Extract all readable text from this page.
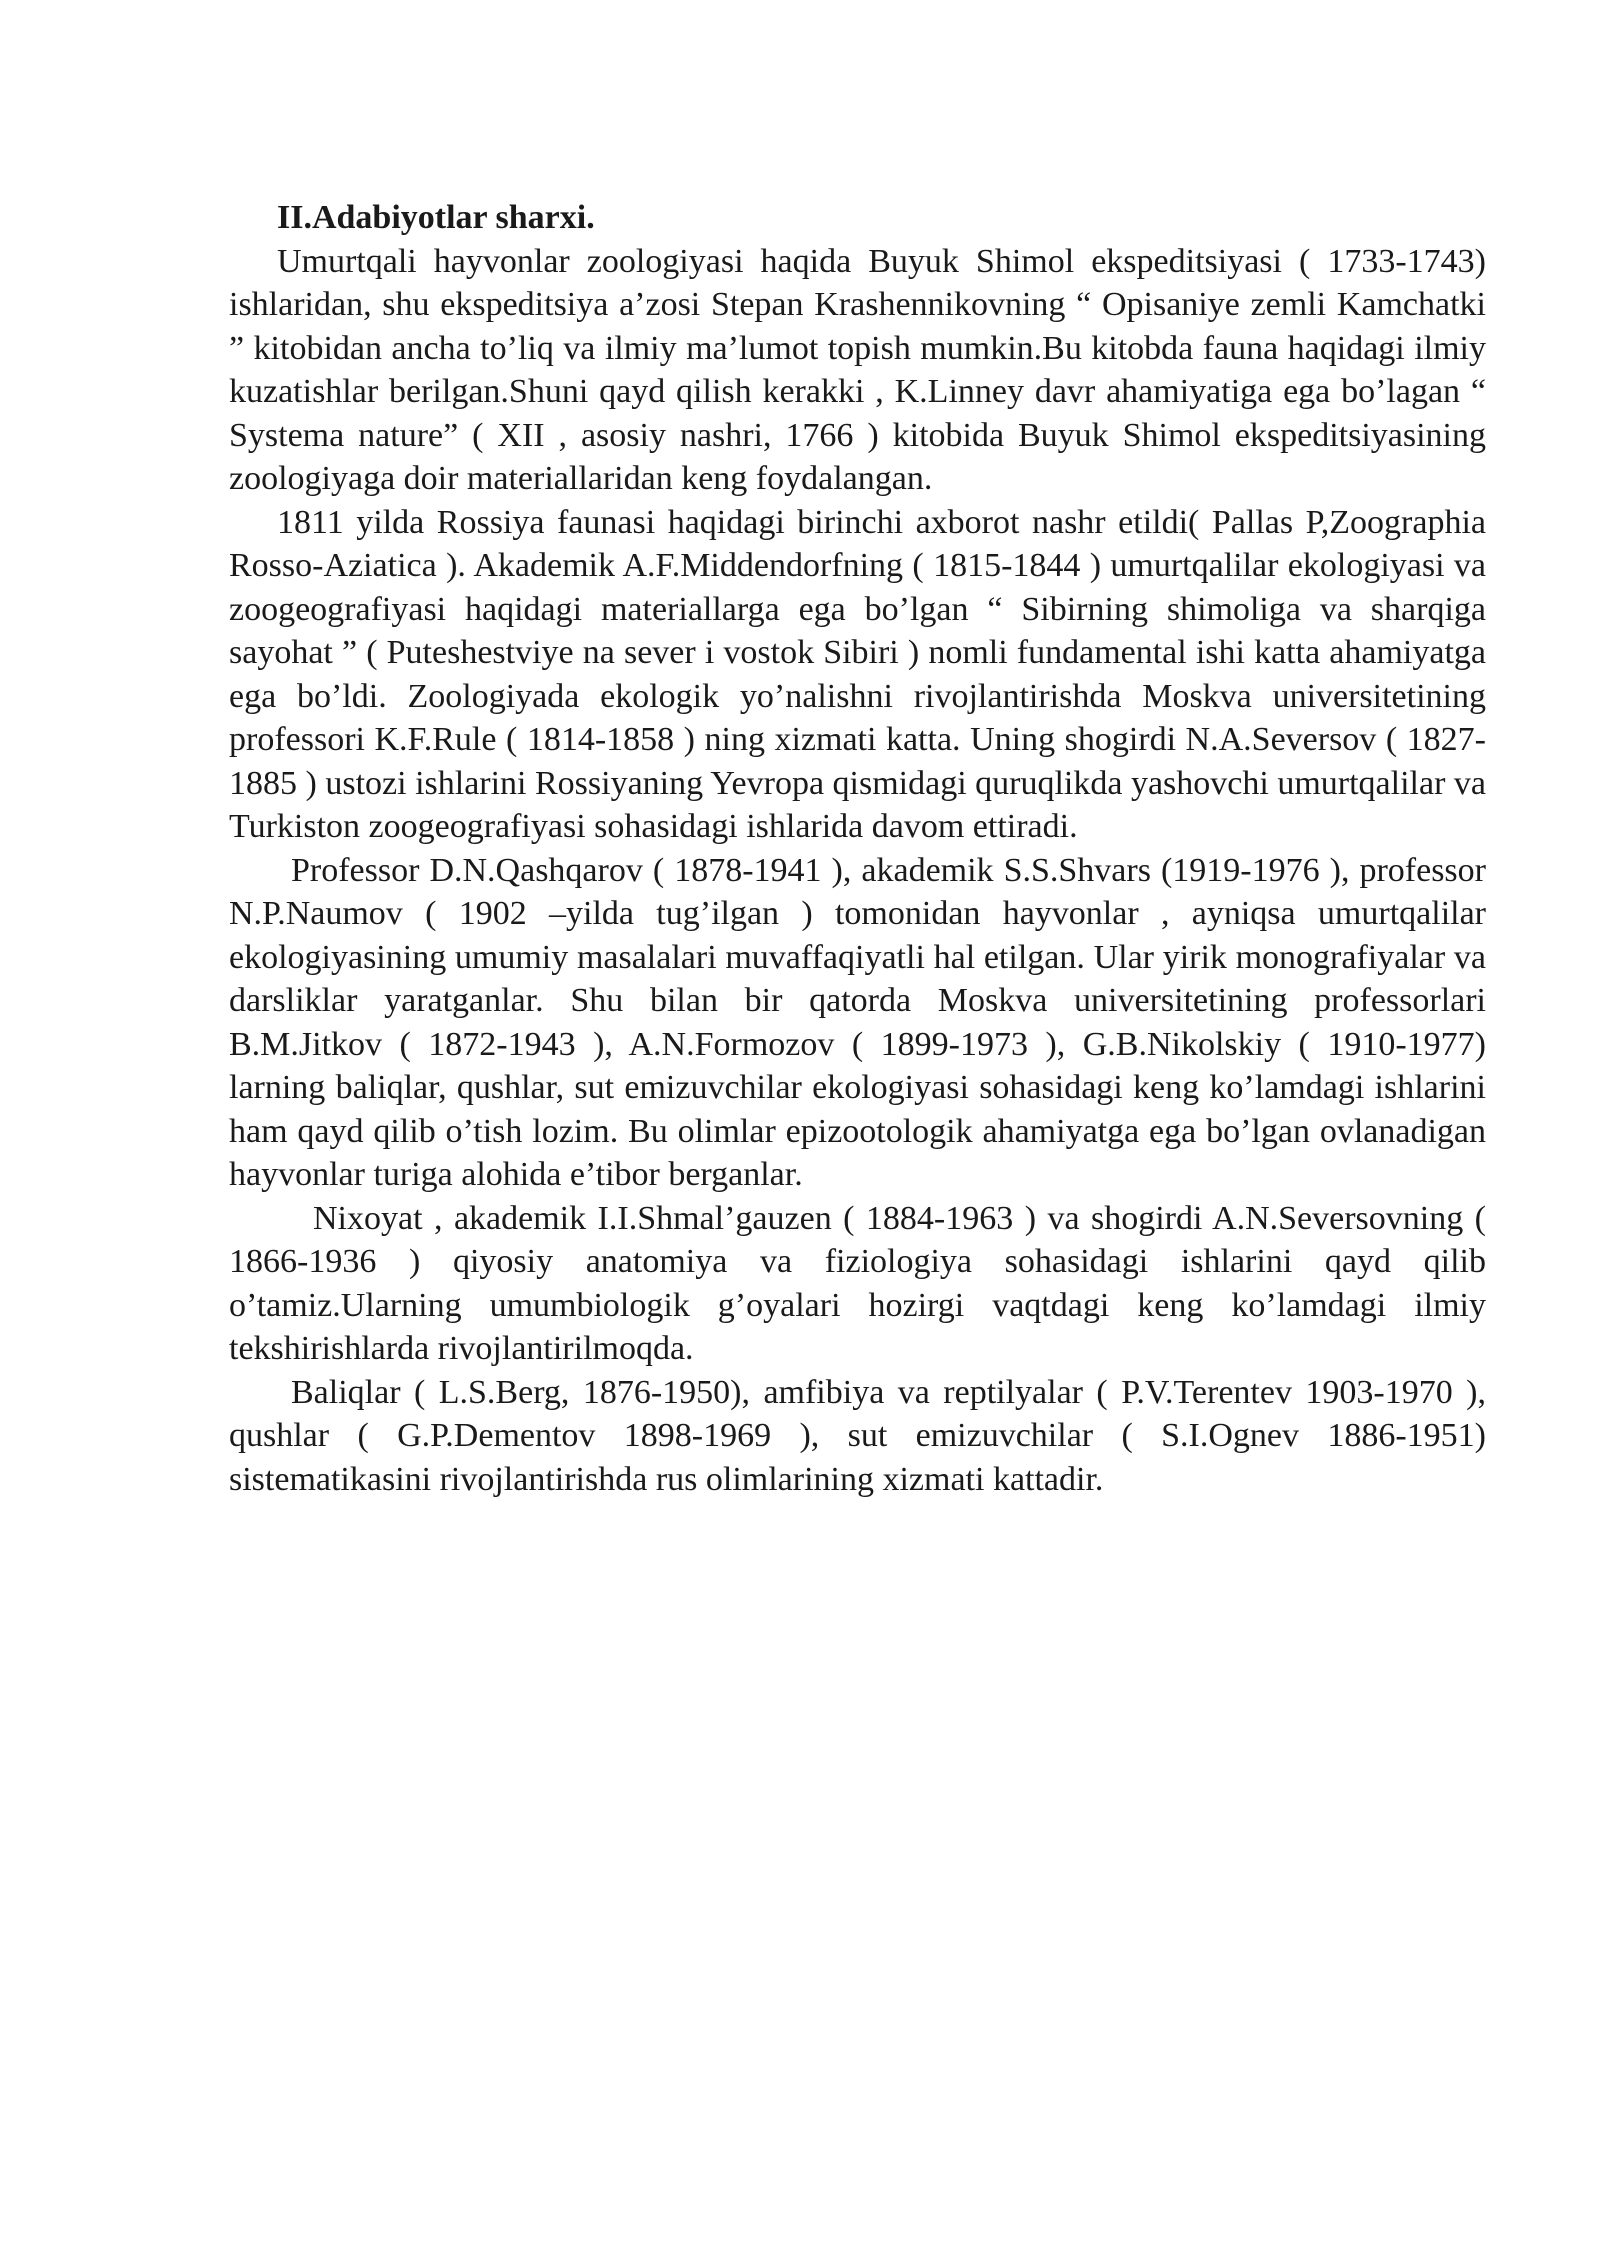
II.Adabiyotlar sharxi.

Umurtqali hayvonlar zoologiyasi haqida Buyuk Shimol ekspeditsiyasi ( 1733-1743) ishlaridan, shu ekspeditsiya a’zosi Stepan Krashennikovning “ Opisaniye zemli Kamchatki ” kitobidan ancha to’liq va ilmiy ma’lumot topish mumkin.Bu kitobda fauna haqidagi ilmiy kuzatishlar berilgan.Shuni qayd qilish kerakki , K.Linney davr ahamiyatiga ega bo’lagan “ Systema nature” ( XII , asosiy nashri, 1766 ) kitobida Buyuk Shimol ekspeditsiyasining zoologiyaga doir materiallaridan keng foydalangan.

1811 yilda Rossiya faunasi haqidagi birinchi axborot nashr etildi( Pallas P,Zoographia Rosso-Aziatica ). Akademik A.F.Middendorfning ( 1815-1844 ) umurtqalilar ekologiyasi va zoogeografiyasi haqidagi materiallarga ega bo’lgan “ Sibirning shimoliga va sharqiga sayohat ” ( Puteshestviye na sever i vostok Sibiri ) nomli fundamental ishi katta ahamiyatga ega bo’ldi. Zoologiyada ekologik yo’nalishni rivojlantirishda Moskva universitetining professori K.F.Rule ( 1814-1858 ) ning xizmati katta. Uning shogirdi N.A.Seversov ( 1827-1885 ) ustozi ishlarini Rossiyaning Yevropa qismidagi quruqlikda yashovchi umurtqalilar va Turkiston zoogeografiyasi sohasidagi ishlarida davom ettiradi.

Professor D.N.Qashqarov ( 1878-1941 ), akademik S.S.Shvars (1919-1976 ), professor N.P.Naumov ( 1902 –yilda tug’ilgan ) tomonidan hayvonlar , ayniqsa umurtqalilar ekologiyasining umumiy masalalari muvaffaqiyatli hal etilgan. Ular yirik monografiyalar va darsliklar yaratganlar. Shu bilan bir qatorda Moskva universitetining professorlari B.M.Jitkov ( 1872-1943 ), A.N.Formozov ( 1899-1973 ), G.B.Nikolskiy ( 1910-1977) larning baliqlar, qushlar, sut emizuvchilar ekologiyasi sohasidagi keng ko’lamdagi ishlarini ham qayd qilib o’tish lozim. Bu olimlar epizootologik ahamiyatga ega bo’lgan ovlanadigan hayvonlar turiga alohida e’tibor berganlar.

Nixoyat , akademik I.I.Shmal’gauzen ( 1884-1963 ) va shogirdi A.N.Seversovning ( 1866-1936 ) qiyosiy anatomiya va fiziologiya sohasidagi ishlarini qayd qilib o’tamiz.Ularning umumbiologik g’oyalari hozirgi vaqtdagi keng ko’lamdagi ilmiy tekshirishlarda rivojlantirilmoqda.

Baliqlar ( L.S.Berg, 1876-1950), amfibiya va reptilyalar ( P.V.Terentev 1903-1970 ), qushlar ( G.P.Dementov 1898-1969 ), sut emizuvchilar ( S.I.Ognev 1886-1951) sistematikasini rivojlantirishda rus olimlarining xizmati kattadir.
